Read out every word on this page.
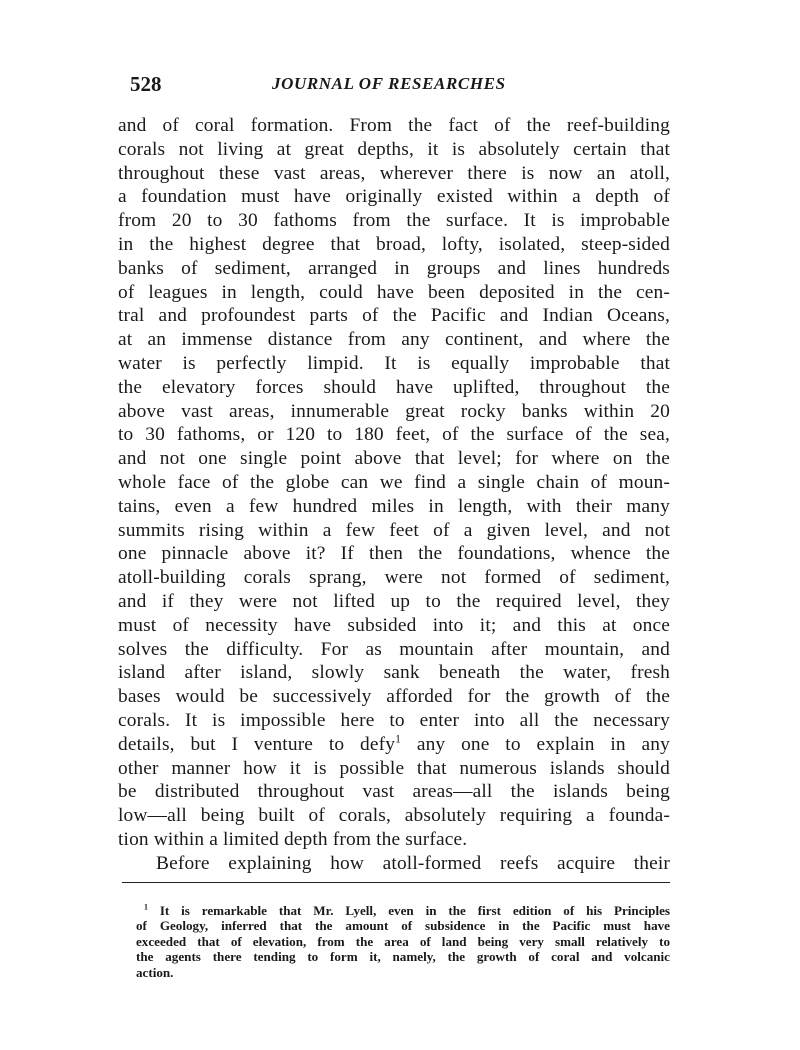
528	JOURNAL OF RESEARCHES
and of coral formation. From the fact of the reef-building
corals not living at great depths, it is absolutely certain that
throughout these vast areas, wherever there is now an atoll,
a foundation must have originally existed within a depth of
from 20 to 30 fathoms from the surface. It is improbable
in the highest degree that broad, lofty, isolated, steep-sided
banks of sediment, arranged in groups and lines hundreds
of leagues in length, could have been deposited in the cen-
tral and profoundest parts of the Pacific and Indian Oceans,
at an immense distance from any continent, and where the
water is perfectly limpid. It is equally improbable that
the elevatory forces should have uplifted, throughout the
above vast areas, innumerable great rocky banks within 20
to 30 fathoms, or 120 to 180 feet, of the surface of the sea,
and not one single point above that level; for where on the
whole face of the globe can we find a single chain of moun-
tains, even a few hundred miles in length, with their many
summits rising within a few feet of a given level, and not
one pinnacle above it? If then the foundations, whence the
atoll-building corals sprang, were not formed of sediment,
and if they were not lifted up to the required level, they
must of necessity have subsided into it; and this at once
solves the difficulty. For as mountain after mountain, and
island after island, slowly sank beneath the water, fresh
bases would be successively afforded for the growth of the
corals. It is impossible here to enter into all the necessary
details, but I venture to defy$^1$ any one to explain in any
other manner how it is possible that numerous islands should
be distributed throughout vast areas—all the islands being
low—all being built of corals, absolutely requiring a founda-
tion within a limited depth from the surface.
Before explaining how atoll-formed reefs acquire their
$^1$ It is remarkable that Mr. Lyell, even in the first edition of his Principles
of Geology, inferred that the amount of subsidence in the Pacific must have
exceeded that of elevation, from the area of land being very small relatively to
the agents there tending to form it, namely, the growth of coral and volcanic
action.
